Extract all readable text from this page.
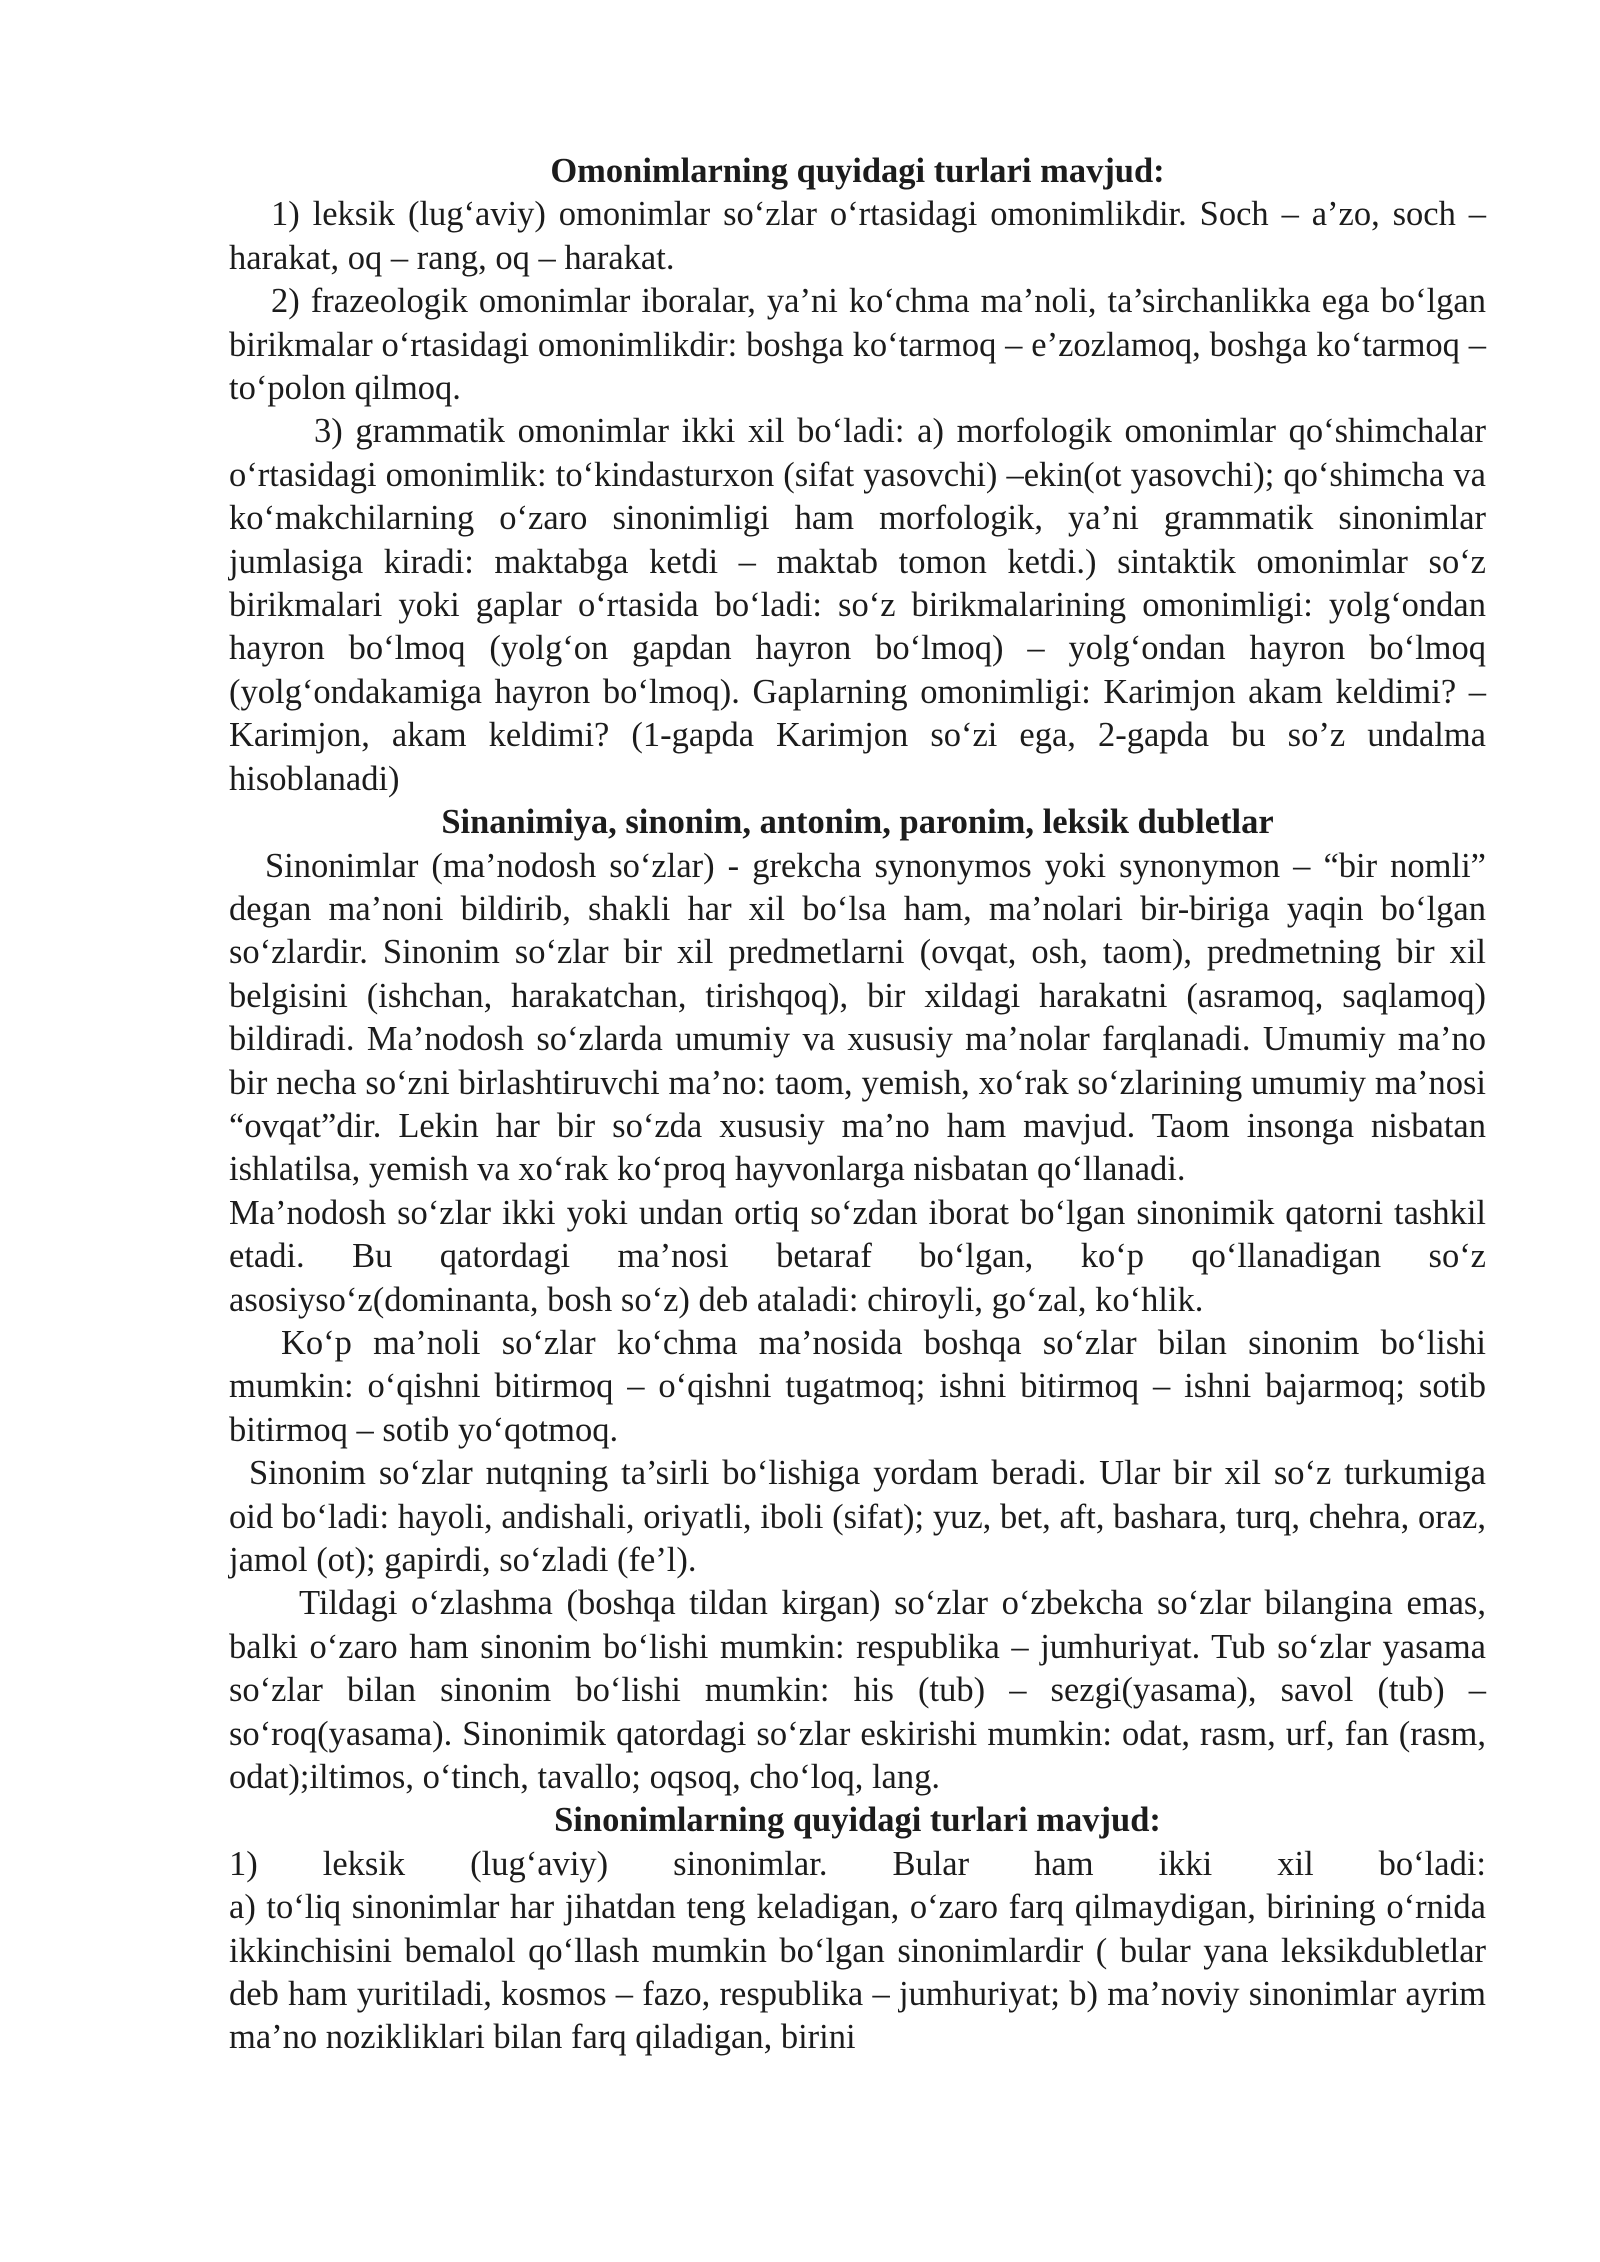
Omonimlarning quyidagi turlari mavjud:

1) leksik (lug‘aviy) omonimlar so‘zlar o‘rtasidagi omonimlikdir. Soch – a’zo, soch – harakat, oq – rang, oq – harakat.

2) frazeologik omonimlar iboralar, ya’ni ko‘chma ma’noli, ta’sirchanlikka ega bo‘lgan birikmalar o‘rtasidagi omonimlikdir: boshga ko‘tarmoq – e’zozlamoq, boshga ko‘tarmoq – to‘polon qilmoq.

3) grammatik omonimlar ikki xil bo‘ladi: a) morfologik omonimlar qo‘shimchalar o‘rtasidagi omonimlik: to‘kindasturxon (sifat yasovchi) –ekin(ot yasovchi); qo‘shimcha va ko‘makchilarning o‘zaro sinonimligi ham morfologik, ya’ni grammatik sinonimlar jumlasiga kiradi: maktabga ketdi – maktab tomon ketdi.) sintaktik omonimlar so‘z birikmalari yoki gaplar o‘rtasida bo‘ladi: so‘z birikmalarining omonimligi: yolg‘ondan hayron bo‘lmoq (yolg‘on gapdan hayron bo‘lmoq) – yolg‘ondan hayron bo‘lmoq (yolg‘ondakamiga hayron bo‘lmoq). Gaplarning omonimligi: Karimjon akam keldimi? – Karimjon, akam keldimi? (1-gapda Karimjon so‘zi ega, 2-gapda bu so’z undalma hisoblanadi)

Sinanimiya, sinonim, antonim, paronim, leksik dubletlar

Sinonimlar (ma’nodosh so‘zlar) - grekcha synonymos yoki synonymon – “bir nomli” degan ma’noni bildirib, shakli har xil bo‘lsa ham, ma’nolari bir-biriga yaqin bo‘lgan so‘zlardir. Sinonim so‘zlar bir xil predmetlarni (ovqat, osh, taom), predmetning bir xil belgisini (ishchan, harakatchan, tirishqoq), bir xildagi harakatni (asramoq, saqlamoq) bildiradi. Ma’nodosh so‘zlarda umumiy va xususiy ma’nolar farqlanadi. Umumiy ma’no bir necha so‘zni birlashtiruvchi ma’no: taom, yemish, xo‘rak so‘zlarining umumiy ma’nosi “ovqat”dir. Lekin har bir so‘zda xususiy ma’no ham mavjud. Taom insonga nisbatan ishlatilsa, yemish va xo‘rak ko‘proq hayvonlarga nisbatan qo‘llanadi.

Ma’nodosh so‘zlar ikki yoki undan ortiq so‘zdan iborat bo‘lgan sinonimik qatorni tashkil etadi. Bu qatordagi ma’nosi betaraf bo‘lgan, ko‘p qo‘llanadigan so‘z asosiyso‘z(dominanta, bosh so‘z) deb ataladi: chiroyli, go‘zal, ko‘hlik.

Ko‘p ma’noli so‘zlar ko‘chma ma’nosida boshqa so‘zlar bilan sinonim bo‘lishi mumkin: o‘qishni bitirmoq – o‘qishni tugatmoq; ishni bitirmoq – ishni bajarmoq; sotib bitirmoq – sotib yo‘qotmoq.

Sinonim so‘zlar nutqning ta’sirli bo‘lishiga yordam beradi. Ular bir xil so‘z turkumiga oid bo‘ladi: hayoli, andishali, oriyatli, iboli (sifat); yuz, bet, aft, bashara, turq, chehra, oraz, jamol (ot); gapirdi, so‘zladi (fe’l).

Tildagi o‘zlashma (boshqa tildan kirgan) so‘zlar o‘zbekcha so‘zlar bilangina emas, balki o‘zaro ham sinonim bo‘lishi mumkin: respublika – jumhuriyat. Tub so‘zlar yasama so‘zlar bilan sinonim bo‘lishi mumkin: his (tub) – sezgi(yasama), savol (tub) – so‘roq(yasama). Sinonimik qatordagi so‘zlar eskirishi mumkin: odat, rasm, urf, fan (rasm, odat);iltimos, o‘tinch, tavallo; oqsoq, cho‘loq, lang.

Sinonimlarning quyidagi turlari mavjud:

1) leksik (lug‘aviy) sinonimlar. Bular ham ikki xil bo‘ladi:

a) to‘liq sinonimlar har jihatdan teng keladigan, o‘zaro farq qilmaydigan, birining o‘rnida ikkinchisini bemalol qo‘llash mumkin bo‘lgan sinonimlardir ( bular yana leksikdubletlar deb ham yuritiladi, kosmos – fazo, respublika – jumhuriyat; b) ma’noviy sinonimlar ayrim ma’no nozikliklari bilan farq qiladigan, birini
